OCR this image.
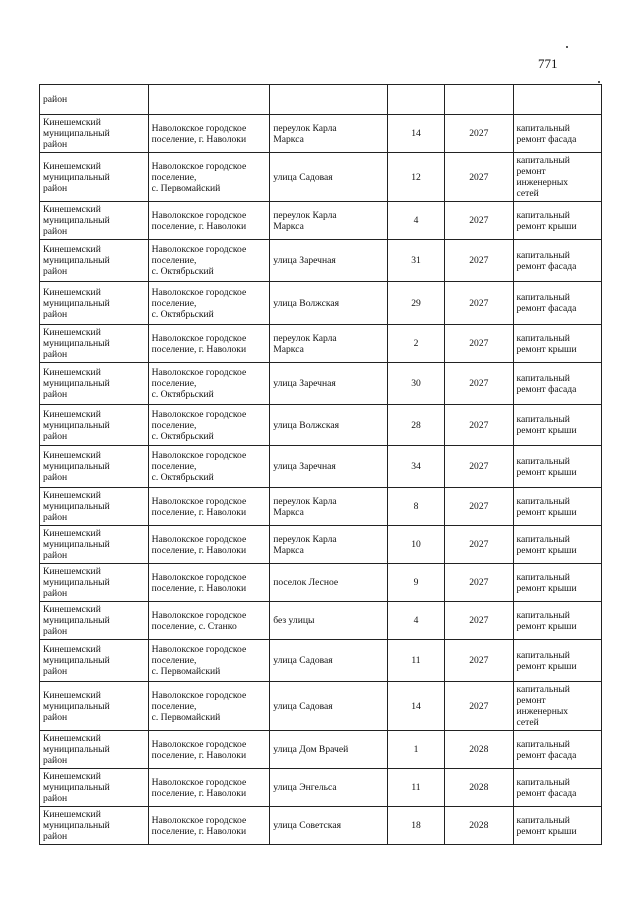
771
район					

Кинешемский
муниципальный
район	Наволокское городское
поселение, г. Наволоки	переулок Карла
Маркса	14	2027	капитальный
ремонт фасада

Кинешемский
муниципальный
район	Наволокское городское
поселение,
с. Первомайский	улица Садовая	12	2027	капитальный
ремонт
инженерных
сетей

Кинешемский
муниципальный
район	Наволокское городское
поселение, г. Наволоки	переулок Карла
Маркса	4	2027	капитальный
ремонт крыши

Кинешемский
муниципальный
район	Наволокское городское
поселение,
с. Октябрьский	улица Заречная	31	2027	капитальный
ремонт фасада

Кинешемский
муниципальный
район	Наволокское городское
поселение,
с. Октябрьский	улица Волжская	29	2027	капитальный
ремонт фасада

Кинешемский
муниципальный
район	Наволокское городское
поселение, г. Наволоки	переулок Карла
Маркса	2	2027	капитальный
ремонт крыши

Кинешемский
муниципальный
район	Наволокское городское
поселение,
с. Октябрьский	улица Заречная	30	2027	капитальный
ремонт фасада

Кинешемский
муниципальный
район	Наволокское городское
поселение,
с. Октябрьский	улица Волжская	28	2027	капитальный
ремонт крыши

Кинешемский
муниципальный
район	Наволокское городское
поселение,
с. Октябрьский	улица Заречная	34	2027	капитальный
ремонт крыши

Кинешемский
муниципальный
район	Наволокское городское
поселение, г. Наволоки	переулок Карла
Маркса	8	2027	капитальный
ремонт крыши

Кинешемский
муниципальный
район	Наволокское городское
поселение, г. Наволоки	переулок Карла
Маркса	10	2027	капитальный
ремонт крыши

Кинешемский
муниципальный
район	Наволокское городское
поселение, г. Наволоки	поселок Лесное	9	2027	капитальный
ремонт крыши

Кинешемский
муниципальный
район	Наволокское городское
поселение, с. Станко	без улицы	4	2027	капитальный
ремонт крыши

Кинешемский
муниципальный
район	Наволокское городское
поселение,
с. Первомайский	улица Садовая	11	2027	капитальный
ремонт крыши

Кинешемский
муниципальный
район	Наволокское городское
поселение,
с. Первомайский	улица Садовая	14	2027	капитальный
ремонт
инженерных
сетей

Кинешемский
муниципальный
район	Наволокское городское
поселение, г. Наволоки	улица Дом Врачей	1	2028	капитальный
ремонт фасада

Кинешемский
муниципальный
район	Наволокское городское
поселение, г. Наволоки	улица Энгельса	11	2028	капитальный
ремонт фасада

Кинешемский
муниципальный
район	Наволокское городское
поселение, г. Наволоки	улица Советская	18	2028	капитальный
ремонт крыши
